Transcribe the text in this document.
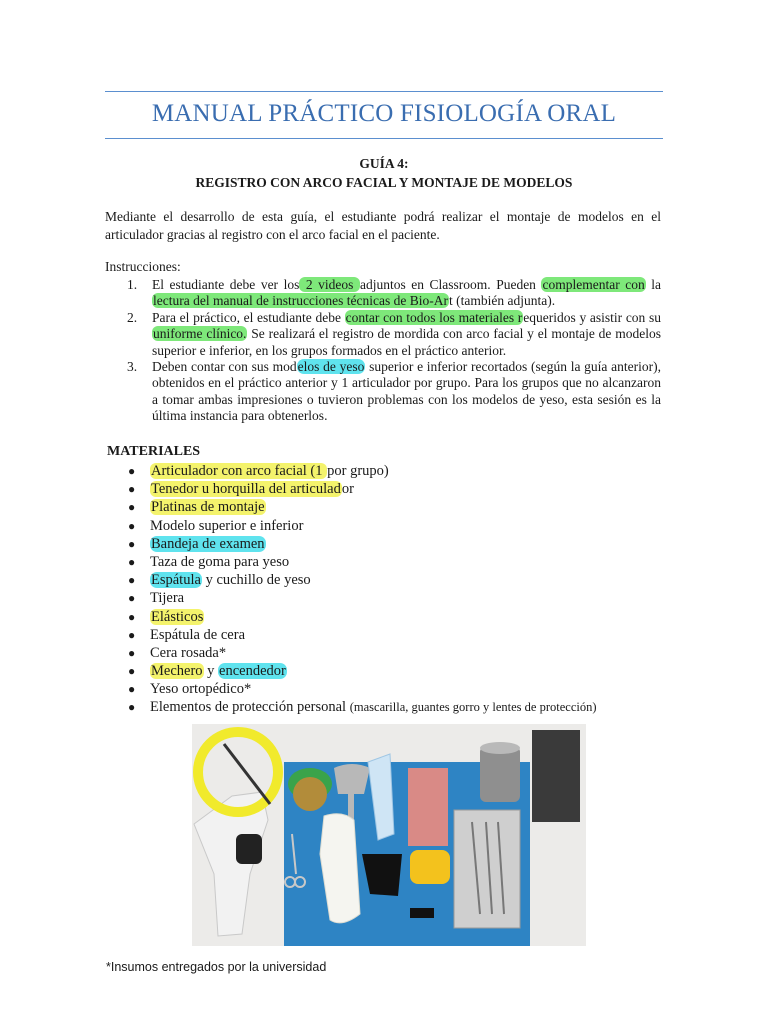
MANUAL PRÁCTICO FISIOLOGÍA ORAL
GUÍA 4:
REGISTRO CON ARCO FACIAL Y MONTAJE DE MODELOS
Mediante el desarrollo de esta guía, el estudiante podrá realizar el montaje de modelos en el articulador gracias al registro con el arco facial en el paciente.
Instrucciones:
1. El estudiante debe ver los 2 videos adjuntos en Classroom. Pueden complementar con la lectura del manual de instrucciones técnicas de Bio-Art (también adjunta).
2. Para el práctico, el estudiante debe contar con todos los materiales requeridos y asistir con su uniforme clínico. Se realizará el registro de mordida con arco facial y el montaje de modelos superior e inferior, en los grupos formados en el práctico anterior.
3. Deben contar con sus modelos de yeso superior e inferior recortados (según la guía anterior), obtenidos en el práctico anterior y 1 articulador por grupo. Para los grupos que no alcanzaron a tomar ambas impresiones o tuvieron problemas con los modelos de yeso, esta sesión es la última instancia para obtenerlos.
MATERIALES
● Articulador con arco facial (1 por grupo)
● Tenedor u horquilla del articulador
● Platinas de montaje
● Modelo superior e inferior
● Bandeja de examen
● Taza de goma para yeso
● Espátula y cuchillo de yeso
● Tijera
● Elásticos
● Espátula de cera
● Cera rosada*
● Mechero y encendedor
● Yeso ortopédico*
● Elementos de protección personal (mascarilla, guantes gorro y lentes de protección)
*Insumos entregados por la universidad
